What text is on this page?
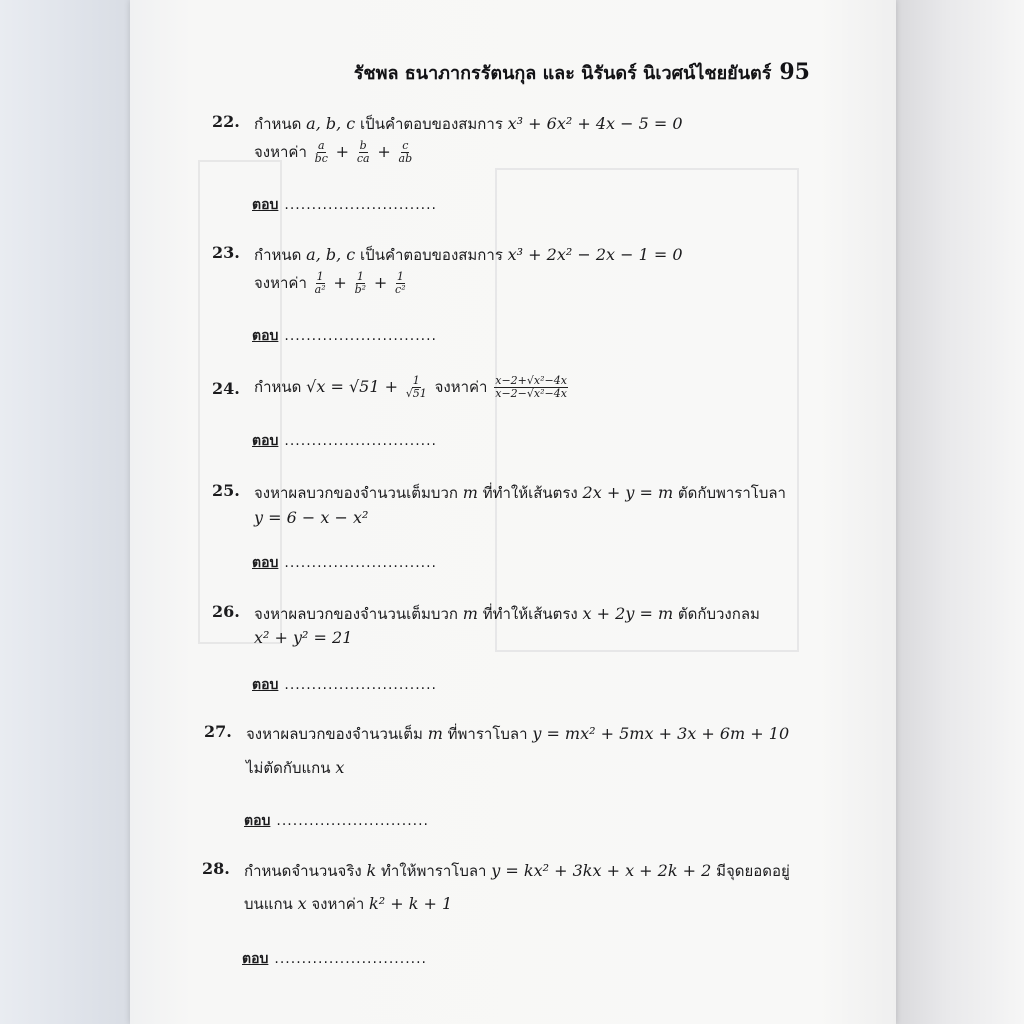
รัชพล ธนาภากรรัตนกุล และ นิรันดร์ นิเวศน์ไชยยันตร์ 95
22. กำหนด a, b, c เป็นคำตอบของสมการ x³ + 6x² + 4x − 5 = 0
จงหาค่า $\frac{a}{bc} + \frac{b}{ca} + \frac{c}{ab}$
ตอบ ............................
23. กำหนด a, b, c เป็นคำตอบของสมการ x³ + 2x² − 2x − 1 = 0
จงหาค่า $\frac{1}{\text{a²}} + \frac{1}{\text{b²}} + \frac{1}{\text{c²}}$
ตอบ ............................
24. กำหนด $√x = √51 + \frac{1}{√51}$ จงหาค่า $\frac{\text{x−2+√x²−4x}}{\text{x−2−√x²−4x}}$
ตอบ ............................
25. จงหาผลบวกของจำนวนเต็มบวก m ที่ทำให้เส้นตรง 2x + y = m ตัดกับพาราโบลา
y = 6 − x − x²
ตอบ ............................
26. จงหาผลบวกของจำนวนเต็มบวก m ที่ทำให้เส้นตรง x + 2y = m ตัดกับวงกลม
x² + y² = 21
ตอบ ............................
27. จงหาผลบวกของจำนวนเต็ม m ที่พาราโบลา y = mx² + 5mx + 3x + 6m + 10
ไม่ตัดกับแกน x
ตอบ ............................
28. กำหนดจำนวนจริง k ทำให้พาราโบลา y = kx² + 3kx + x + 2k + 2 มีจุดยอดอยู่
บนแกน x จงหาค่า k² + k + 1
ตอบ ............................
